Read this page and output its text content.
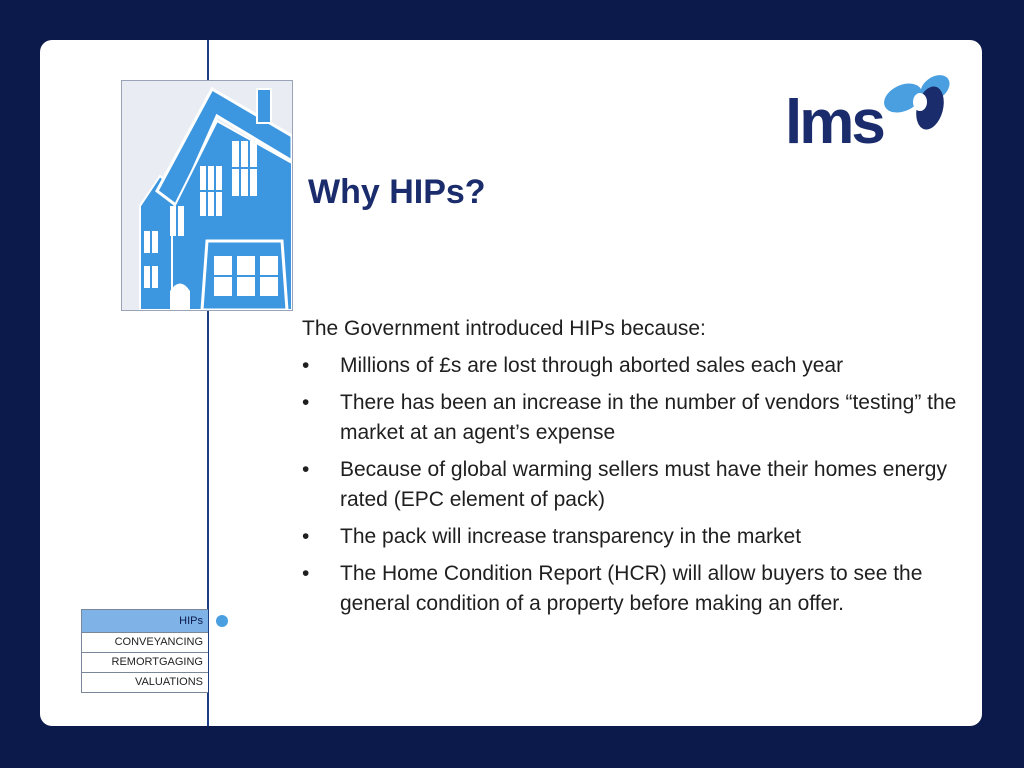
lms
Why HIPs?

The Government introduced HIPs because:

• Millions of £s are lost through aborted sales each year
• There has been an increase in the number of vendors “testing” the market at an agent’s expense
• Because of global warming sellers must have their homes energy rated (EPC element of pack)
• The pack will increase transparency in the market
• The Home Condition Report (HCR) will allow buyers to see the general condition of a property before making an offer.
HIPs
CONVEYANCING
REMORTGAGING
VALUATIONS
